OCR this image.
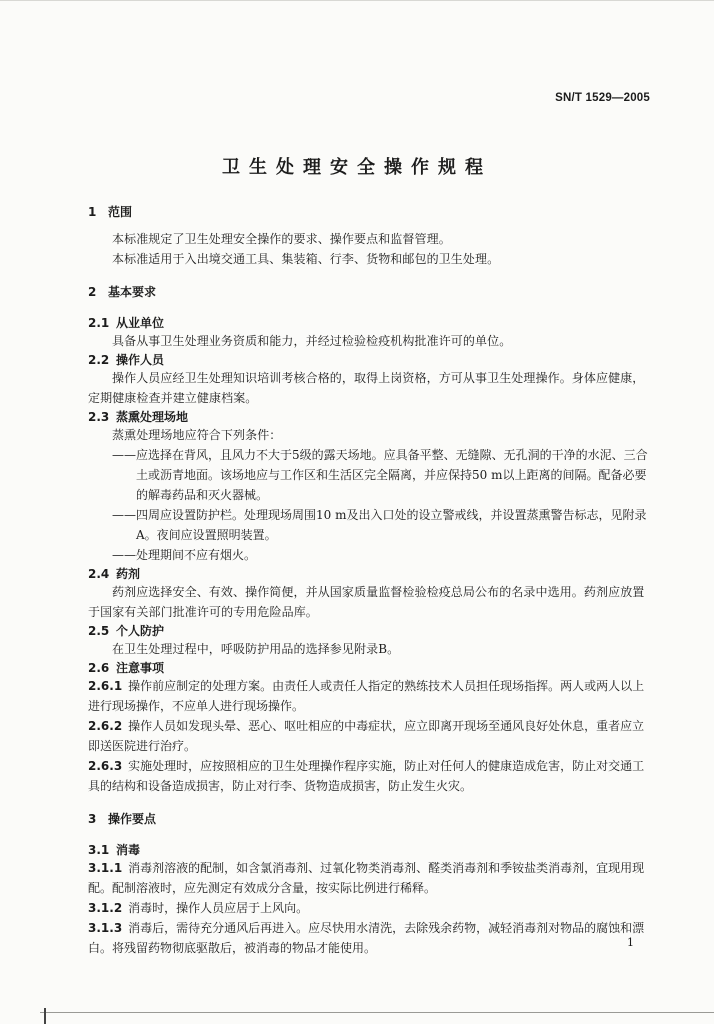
SN/T 1529—2005
卫生处理安全操作规程
1 范围

本标准规定了卫生处理安全操作的要求、操作要点和监督管理。

本标准适用于入出境交通工具、集装箱、行李、货物和邮包的卫生处理。

2 基本要求
2.1 从业单位

具备从事卫生处理业务资质和能力，并经过检验检疫机构批准许可的单位。

2.2 操作人员

操作人员应经卫生处理知识培训考核合格的，取得上岗资格，方可从事卫生处理操作。身体应健康，定期健康检查并建立健康档案。

2.3 蒸熏处理场地

蒸熏处理场地应符合下列条件：

——应选择在背风，且风力不大于5级的露天场地。应具备平整、无缝隙、无孔洞的干净的水泥、三合土或沥青地面。该场地应与工作区和生活区完全隔离，并应保持50 m以上距离的间隔。配备必要的解毒药品和灭火器械。

——四周应设置防护栏。处理现场周围10 m及出入口处的设立警戒线，并设置蒸熏警告标志，见附录A。夜间应设置照明装置。

——处理期间不应有烟火。

2.4 药剂

药剂应选择安全、有效、操作简便，并从国家质量监督检验检疫总局公布的名录中选用。药剂应放置于国家有关部门批准许可的专用危险品库。

2.5 个人防护

在卫生处理过程中，呼吸防护用品的选择参见附录B。

2.6 注意事项

2.6.1 操作前应制定的处理方案。由责任人或责任人指定的熟练技术人员担任现场指挥。两人或两人以上进行现场操作，不应单人进行现场操作。

2.6.2 操作人员如发现头晕、恶心、呕吐相应的中毒症状，应立即离开现场至通风良好处休息，重者应立即送医院进行治疗。

2.6.3 实施处理时，应按照相应的卫生处理操作程序实施，防止对任何人的健康造成危害，防止对交通工具的结构和设备造成损害，防止对行李、货物造成损害，防止发生火灾。

3 操作要点
3.1 消毒

3.1.1 消毒剂溶液的配制，如含氯消毒剂、过氧化物类消毒剂、醛类消毒剂和季铵盐类消毒剂，宜现用现配。配制溶液时，应先测定有效成分含量，按实际比例进行稀释。

3.1.2 消毒时，操作人员应居于上风向。

3.1.3 消毒后，需待充分通风后再进入。应尽快用水清洗，去除残余药物，减轻消毒剂对物品的腐蚀和漂白。将残留药物彻底驱散后，被消毒的物品才能使用。	1
